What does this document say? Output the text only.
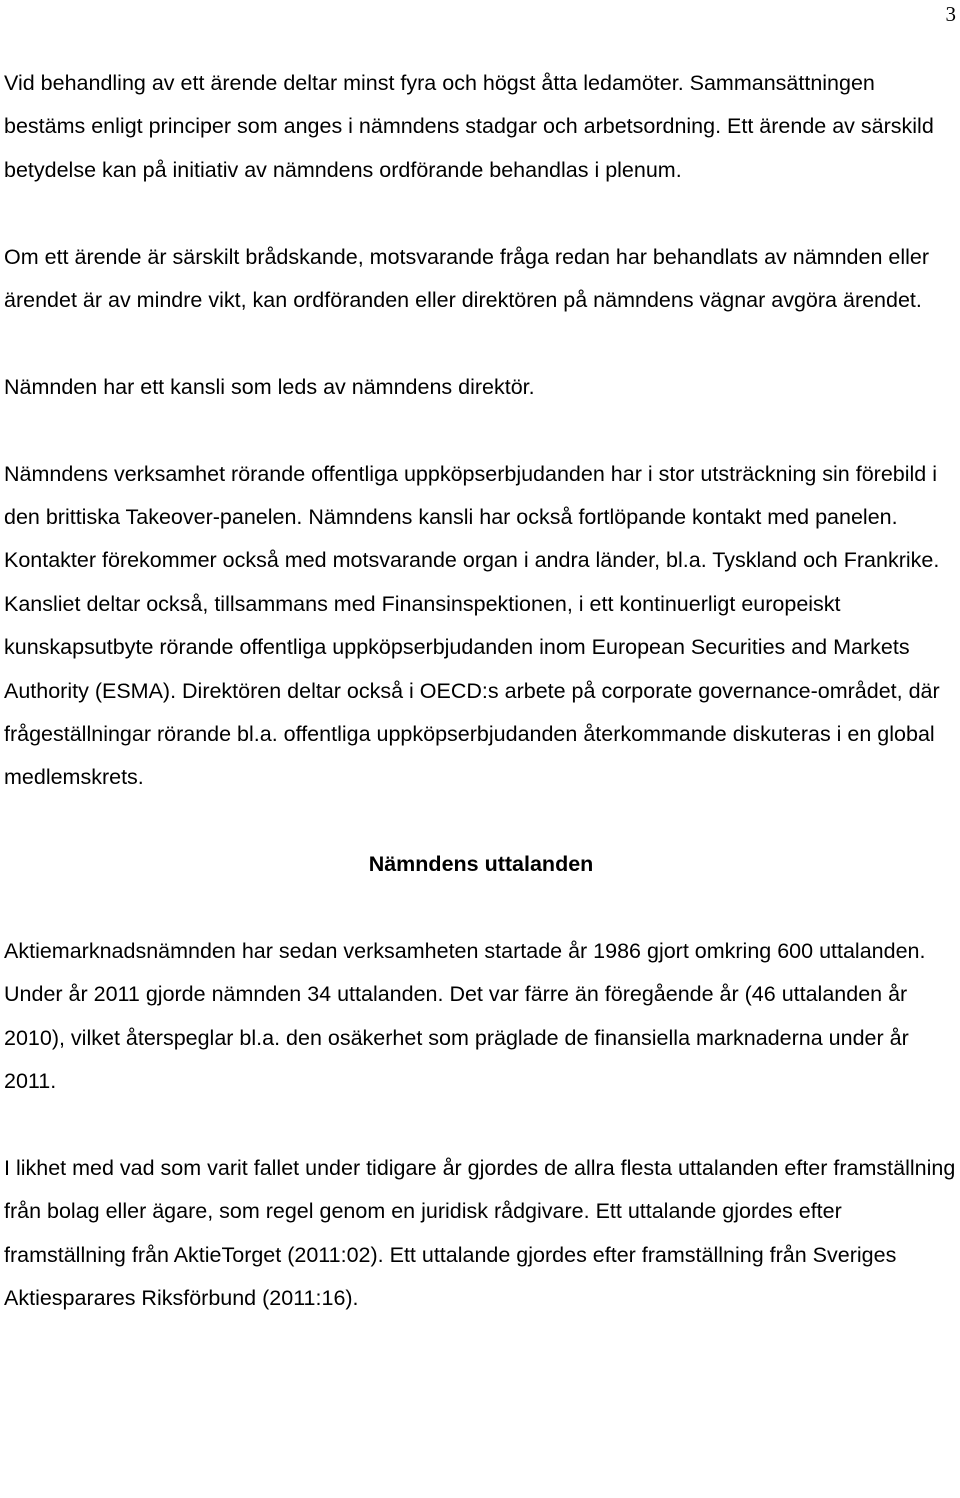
3

Vid behandling av ett ärende deltar minst fyra och högst åtta ledamöter. Sammansättningen bestäms enligt principer som anges i nämndens stadgar och arbetsordning. Ett ärende av särskild betydelse kan på initiativ av nämndens ordförande behandlas i plenum.

Om ett ärende är särskilt brådskande, motsvarande fråga redan har behandlats av nämnden eller ärendet är av mindre vikt, kan ordföranden eller direktören på nämndens vägnar avgöra ärendet.

Nämnden har ett kansli som leds av nämndens direktör.

Nämndens verksamhet rörande offentliga uppköpserbjudanden har i stor utsträckning sin förebild i den brittiska Takeover-panelen. Nämndens kansli har också fortlöpande kontakt med panelen. Kontakter förekommer också med motsvarande organ i andra länder, bl.a. Tyskland och Frankrike. Kansliet deltar också, tillsammans med Finansinspektionen, i ett kontinuerligt europeiskt kunskapsutbyte rörande offentliga uppköpserbjudanden inom European Securities and Markets Authority (ESMA). Direktören deltar också i OECD:s arbete på corporate governance-området, där frågeställningar rörande bl.a. offentliga uppköpserbjudanden återkommande diskuteras i en global medlemskrets.

Nämndens uttalanden

Aktiemarknadsnämnden har sedan verksamheten startade år 1986 gjort omkring 600 uttalanden. Under år 2011 gjorde nämnden 34 uttalanden. Det var färre än föregående år (46 uttalanden år 2010), vilket återspeglar bl.a. den osäkerhet som präglade de finansiella marknaderna under år 2011.

I likhet med vad som varit fallet under tidigare år gjordes de allra flesta uttalanden efter framställning från bolag eller ägare, som regel genom en juridisk rådgivare. Ett uttalande gjordes efter framställning från AktieTorget (2011:02). Ett uttalande gjordes efter framställning från Sveriges Aktiesparares Riksförbund (2011:16).
